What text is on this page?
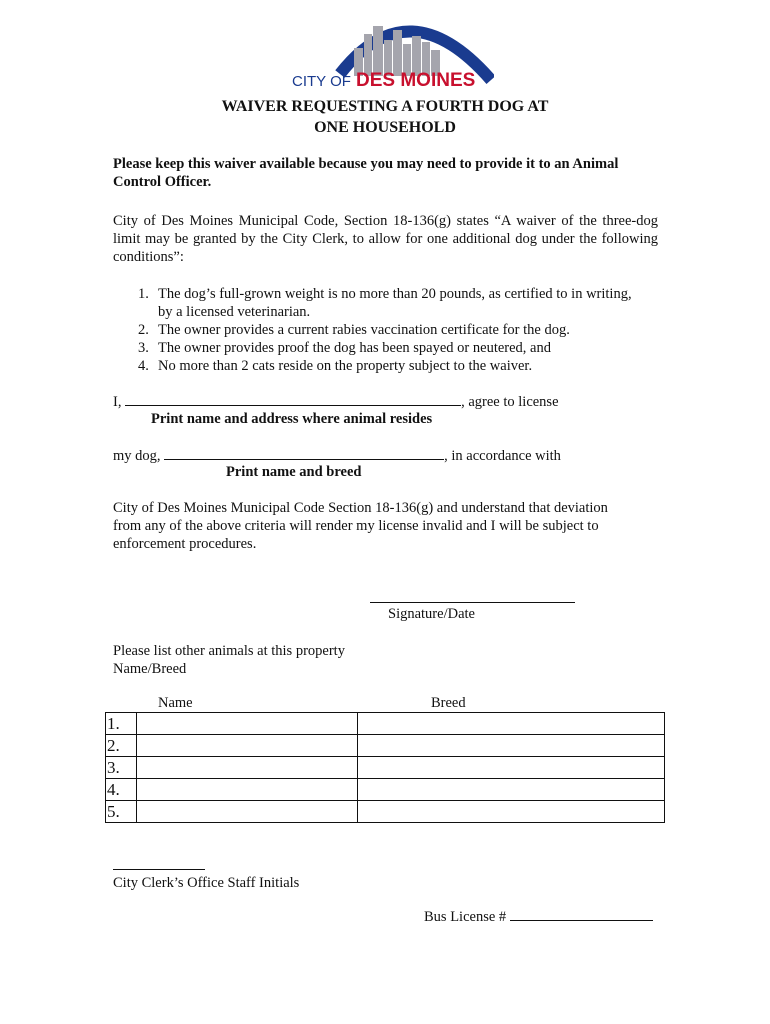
CITY OF DES MOINES
WAIVER REQUESTING A FOURTH DOG AT
ONE HOUSEHOLD
Please keep this waiver available because you may need to provide it to an Animal
Control Officer.
City of Des Moines Municipal Code, Section 18-136(g) states “A waiver of the three-dog limit may be granted by the City Clerk, to allow for one additional dog under the following conditions”:
1. The dog’s full-grown weight is no more than 20 pounds, as certified to in writing,
by a licensed veterinarian.
2. The owner provides a current rabies vaccination certificate for the dog.
3. The owner provides proof the dog has been spayed or neutered, and
4. No more than 2 cats reside on the property subject to the waiver.
I,	, agree to license
Print name and address where animal resides
my dog,	, in accordance with
Print name and breed
City of Des Moines Municipal Code Section 18-136(g) and understand that deviation
from any of the above criteria will render my license invalid and I will be subject to
enforcement procedures.
Signature/Date
Please list other animals at this property
Name/Breed
Name	Breed
1.		
2.		
3.		
4.		
5.		
City Clerk’s Office Staff Initials
Bus License #
